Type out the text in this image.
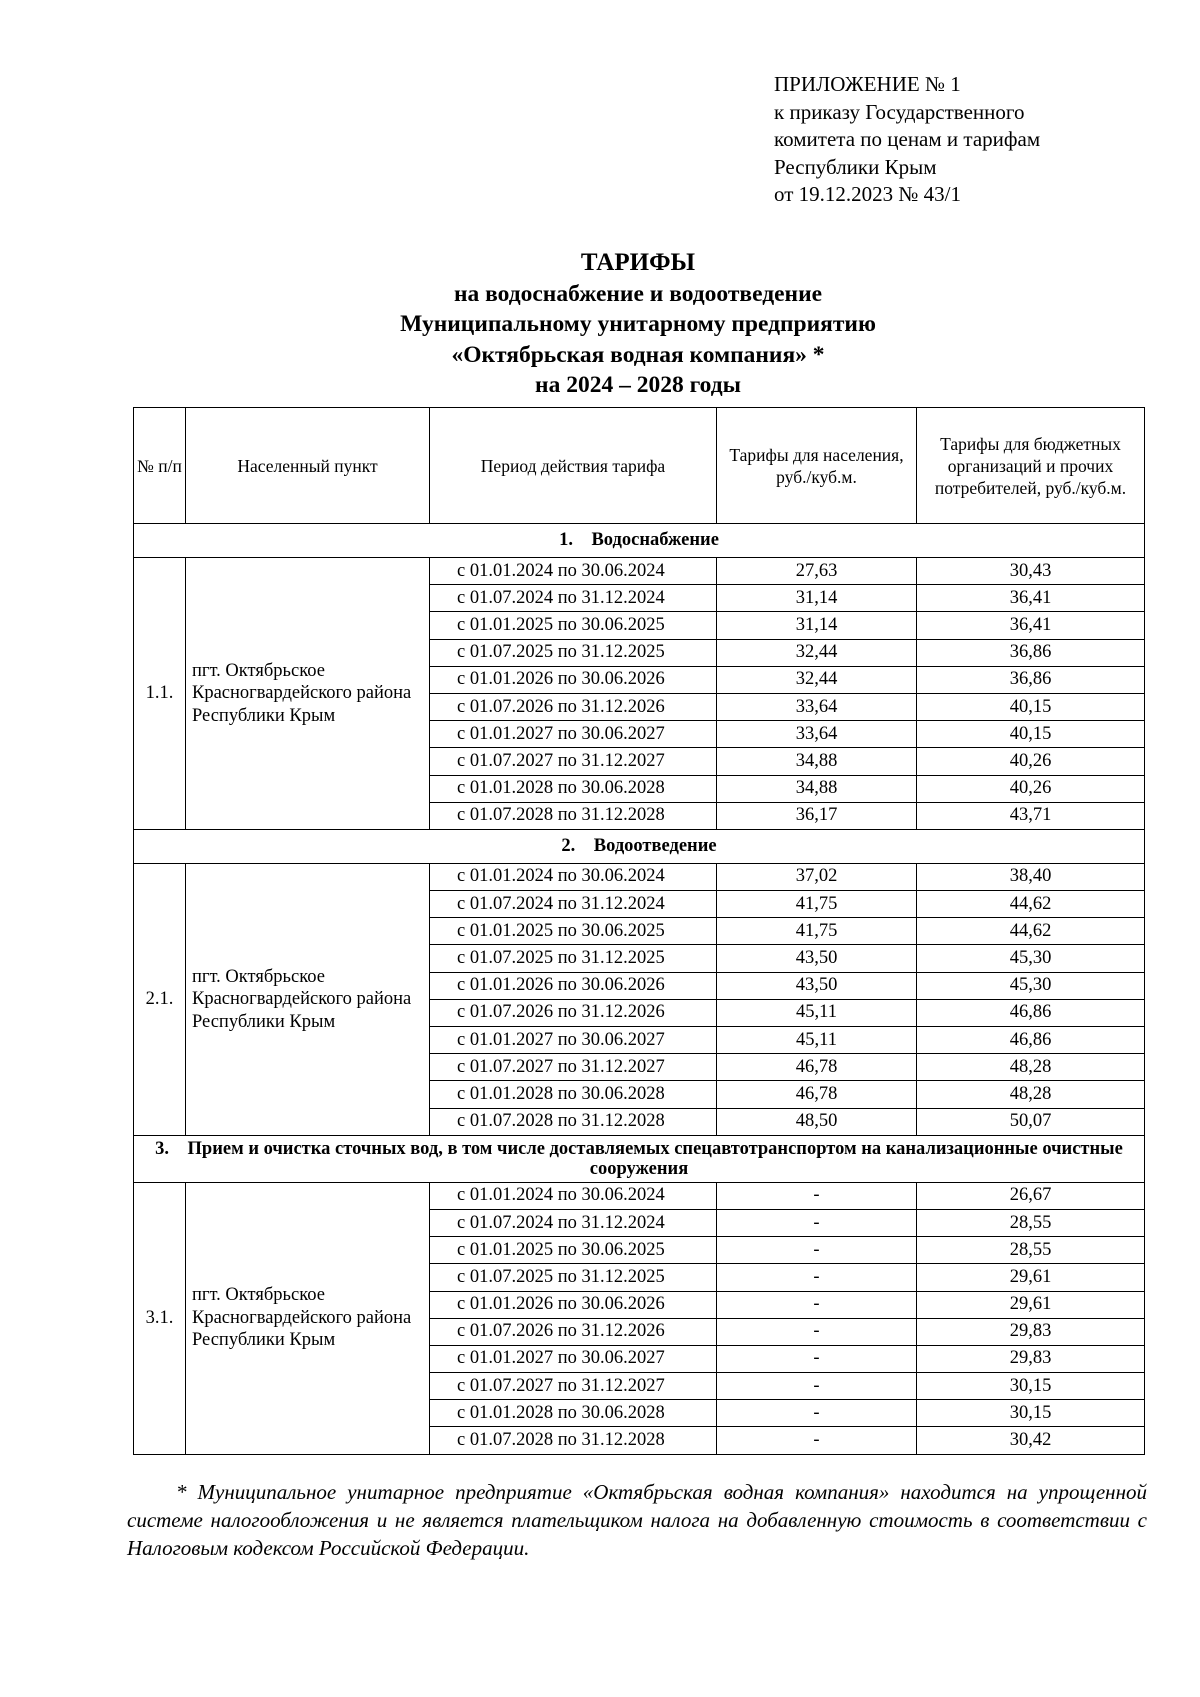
ПРИЛОЖЕНИЕ № 1
к приказу Государственного
комитета по ценам и тарифам
Республики Крым
от 19.12.2023 № 43/1
ТАРИФЫ
на водоснабжение и водоотведение
Муниципальному унитарному предприятию
«Октябрьская водная компания» *
на 2024 – 2028 годы
№ п/п	Населенный пункт	Период действия тарифа	Тарифы для населения, руб./куб.м.	Тарифы для бюджетных организаций и прочих потребителей, руб./куб.м.
1.    Водоснабжение				
1.1.	пгт. Октябрьское Красногвардейского района Республики Крым	с 01.01.2024 по 30.06.2024	27,63	30,43
		с 01.07.2024 по 31.12.2024	31,14	36,41
		с 01.01.2025 по 30.06.2025	31,14	36,41
		с 01.07.2025 по 31.12.2025	32,44	36,86
		с 01.01.2026 по 30.06.2026	32,44	36,86
		с 01.07.2026 по 31.12.2026	33,64	40,15
		с 01.01.2027 по 30.06.2027	33,64	40,15
		с 01.07.2027 по 31.12.2027	34,88	40,26
		с 01.01.2028 по 30.06.2028	34,88	40,26
		с 01.07.2028 по 31.12.2028	36,17	43,71
2.    Водоотведение				
2.1.	пгт. Октябрьское Красногвардейского района Республики Крым	с 01.01.2024 по 30.06.2024	37,02	38,40
		с 01.07.2024 по 31.12.2024	41,75	44,62
		с 01.01.2025 по 30.06.2025	41,75	44,62
		с 01.07.2025 по 31.12.2025	43,50	45,30
		с 01.01.2026 по 30.06.2026	43,50	45,30
		с 01.07.2026 по 31.12.2026	45,11	46,86
		с 01.01.2027 по 30.06.2027	45,11	46,86
		с 01.07.2027 по 31.12.2027	46,78	48,28
		с 01.01.2028 по 30.06.2028	46,78	48,28
		с 01.07.2028 по 31.12.2028	48,50	50,07
3.    Прием и очистка сточных вод, в том числе доставляемых спецавтотранспортом на канализационные очистные сооружения				
3.1.	пгт. Октябрьское Красногвардейского района Республики Крым	с 01.01.2024 по 30.06.2024	-	26,67
		с 01.07.2024 по 31.12.2024	-	28,55
		с 01.01.2025 по 30.06.2025	-	28,55
		с 01.07.2025 по 31.12.2025	-	29,61
		с 01.01.2026 по 30.06.2026	-	29,61
		с 01.07.2026 по 31.12.2026	-	29,83
		с 01.01.2027 по 30.06.2027	-	29,83
		с 01.07.2027 по 31.12.2027	-	30,15
		с 01.01.2028 по 30.06.2028	-	30,15
		с 01.07.2028 по 31.12.2028	-	30,42
* Муниципальное унитарное предприятие «Октябрьская водная компания» находится на упрощенной системе налогообложения и не является плательщиком налога на добавленную стоимость в соответствии с Налоговым кодексом Российской Федерации.
